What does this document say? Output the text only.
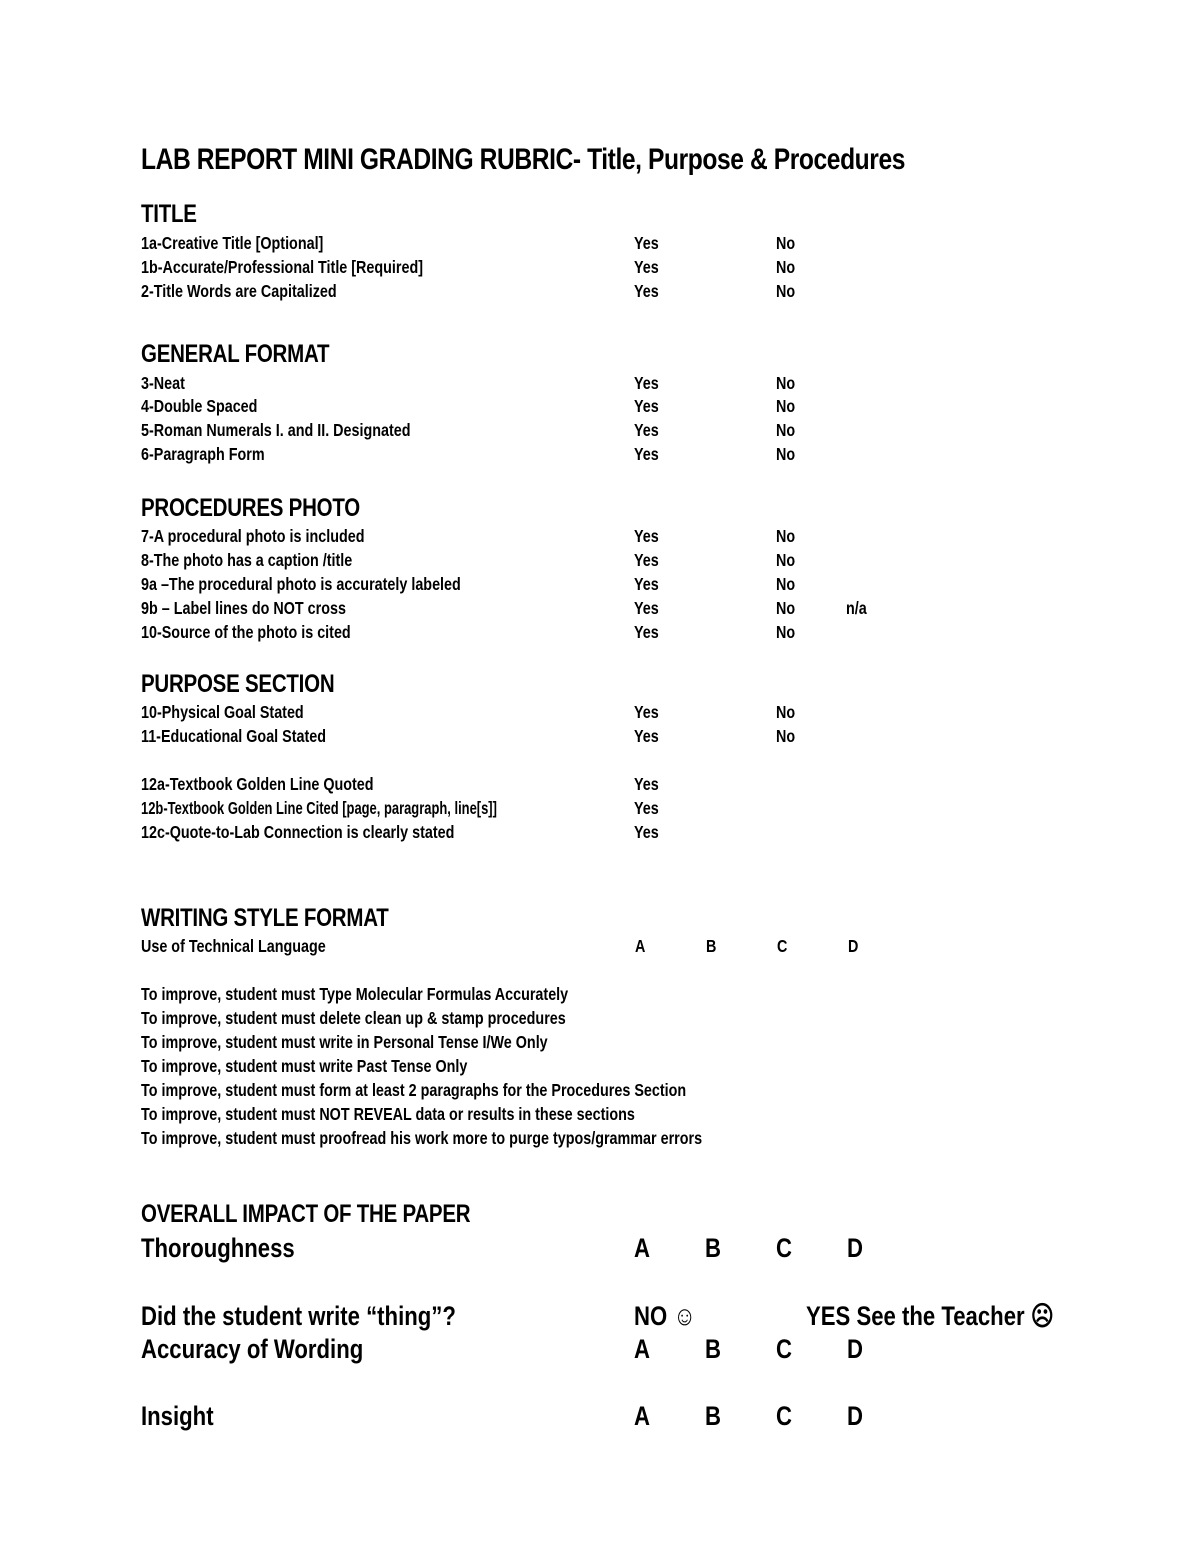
LAB REPORT MINI GRADING RUBRIC- Title, Purpose & Procedures
TITLE
1a-Creative Title [Optional]	Yes	No
1b-Accurate/Professional Title [Required]	Yes	No
2-Title Words are Capitalized	Yes	No
GENERAL FORMAT
3-Neat	Yes	No
4-Double Spaced	Yes	No
5-Roman Numerals I. and II. Designated	Yes	No
6-Paragraph Form	Yes	No
PROCEDURES PHOTO
7-A procedural photo is included	Yes	No
8-The photo has a caption /title	Yes	No
9a –The procedural photo is accurately labeled	Yes	No
9b – Label lines do NOT cross	Yes	No	n/a
10-Source of the photo is cited	Yes	No
PURPOSE SECTION
10-Physical Goal Stated	Yes	No
11-Educational Goal Stated	Yes	No
12a-Textbook Golden Line Quoted	Yes
12b-Textbook Golden Line Cited [page, paragraph, line[s]]	Yes
12c-Quote-to-Lab Connection is clearly stated	Yes
WRITING STYLE FORMAT
Use of Technical Language	A	B	C	D
To improve, student must Type Molecular Formulas Accurately
To improve, student must delete clean up & stamp procedures
To improve, student must write in Personal Tense I/We Only
To improve, student must write Past Tense Only
To improve, student must form at least 2 paragraphs for the Procedures Section
To improve, student must NOT REVEAL data or results in these sections
To improve, student must proofread his work more to purge typos/grammar errors
OVERALL IMPACT OF THE PAPER
Thoroughness	A B C D
Did the student write “thing”?	NO ☺	YES See the Teacher ☹
Accuracy of Wording	A B C D
Insight	A B C D
